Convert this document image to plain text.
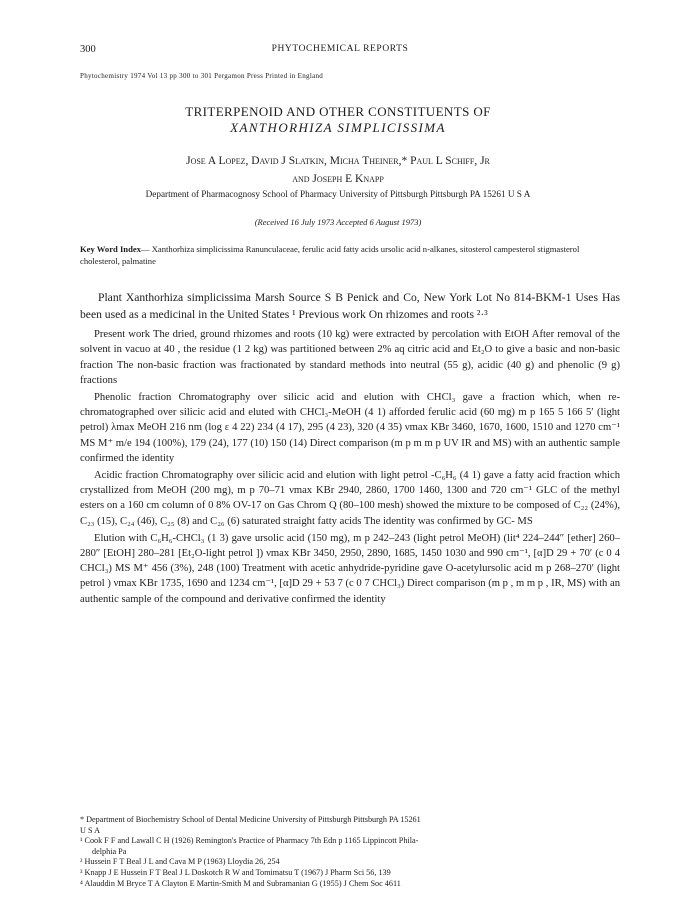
300	PHYTOCHEMICAL REPORTS
Phytochemistry 1974 Vol 13 pp 300 to 301 Pergamon Press Printed in England
TRITERPENOID AND OTHER CONSTITUENTS OF
XANTHORHIZA SIMPLICISSIMA
Jose A Lopez, David J Slatkin, Micha Theiner,* Paul L Schiff, Jr
and Joseph E Knapp
Department of Pharmacognosy School of Pharmacy University of Pittsburgh Pittsburgh PA 15261 U S A
(Received 16 July 1973 Accepted 6 August 1973)
Key Word Index— Xanthorhiza simplicissima Ranunculaceae, ferulic acid fatty acids ursolic acid n-alkanes, sitosterol campesterol stigmasterol cholesterol, palmatine

Plant Xanthorhiza simplicissima Marsh Source S B Penick and Co, New York Lot No 814-BKM-1 Uses Has been used as a medicinal in the United States ¹ Previous work On rhizomes and roots ²·³

Present work The dried, ground rhizomes and roots (10 kg) were extracted by percolation with EtOH After removal of the solvent in vacuo at 40 , the residue (1 2 kg) was partitioned between 2% aq citric acid and Et₂O to give a basic and non-basic fraction The non-basic fraction was fractionated by standard methods into neutral (55 g), acidic (40 g) and phenolic (9 g) fractions

Phenolic fraction Chromatography over silicic acid and elution with CHCl₃ gave a fraction which, when re-chromatographed over silicic acid and eluted with CHCl₃-MeOH (4 1) afforded ferulic acid (60 mg) m p 165 5 166 5′ (light petrol) λmax MeOH 216 nm (log ε 4 22) 234 (4 17), 295 (4 23), 320 (4 35) νmax KBr 3460, 1670, 1600, 1510 and 1270 cm⁻¹ MS M⁺ m/e 194 (100%), 179 (24), 177 (10) 150 (14) Direct comparison (m p m m p UV IR and MS) with an authentic sample confirmed the identity

Acidic fraction Chromatography over silicic acid and elution with light petrol -C₆H₆ (4 1) gave a fatty acid fraction which crystallized from MeOH (200 mg), m p 70–71 νmax KBr 2940, 2860, 1700 1460, 1300 and 720 cm⁻¹ GLC of the methyl esters on a 160 cm column of 0 8% OV-17 on Gas Chrom Q (80–100 mesh) showed the mixture to be composed of C₂₂ (24%), C₂₃ (15), C₂₄ (46), C₂₅ (8) and C₂₆ (6) saturated straight fatty acids The identity was confirmed by GC- MS

Elution with C₆H₆-CHCl₃ (1 3) gave ursolic acid (150 mg), m p 242–243 (light petrol MeOH) (lit⁴ 224–244″ [ether] 260–280″ [EtOH] 280–281 [Et₂O-light petrol ]) νmax KBr 3450, 2950, 2890, 1685, 1450 1030 and 990 cm⁻¹, [α]D 29 + 70′ (c 0 4 CHCl₃) MS M⁺ 456 (3%), 248 (100) Treatment with acetic anhydride-pyridine gave O-acetylursolic acid m p 268–270′ (light petrol ) νmax KBr 1735, 1690 and 1234 cm⁻¹, [α]D 29 + 53 7 (c 0 7 CHCl₃) Direct comparison (m p , m m p , IR, MS) with an authentic sample of the compound and derivative confirmed the identity

* Department of Biochemistry School of Dental Medicine University of Pittsburgh Pittsburgh PA 15261
U S A
¹ Cook F F and Lawall C H (1926) Remington's Practice of Pharmacy 7th Edn p 1165 Lippincott Phila-
delphia Pa
² Hussein F T Beal J L and Cava M P (1963) Lloydia 26, 254
³ Knapp J E Hussein F T Beal J L Doskotch R W and Tomimatsu T (1967) J Pharm Sci 56, 139
⁴ Alauddin M Bryce T A Clayton E Martin-Smith M and Subramanian G (1955) J Chem Soc 4611
